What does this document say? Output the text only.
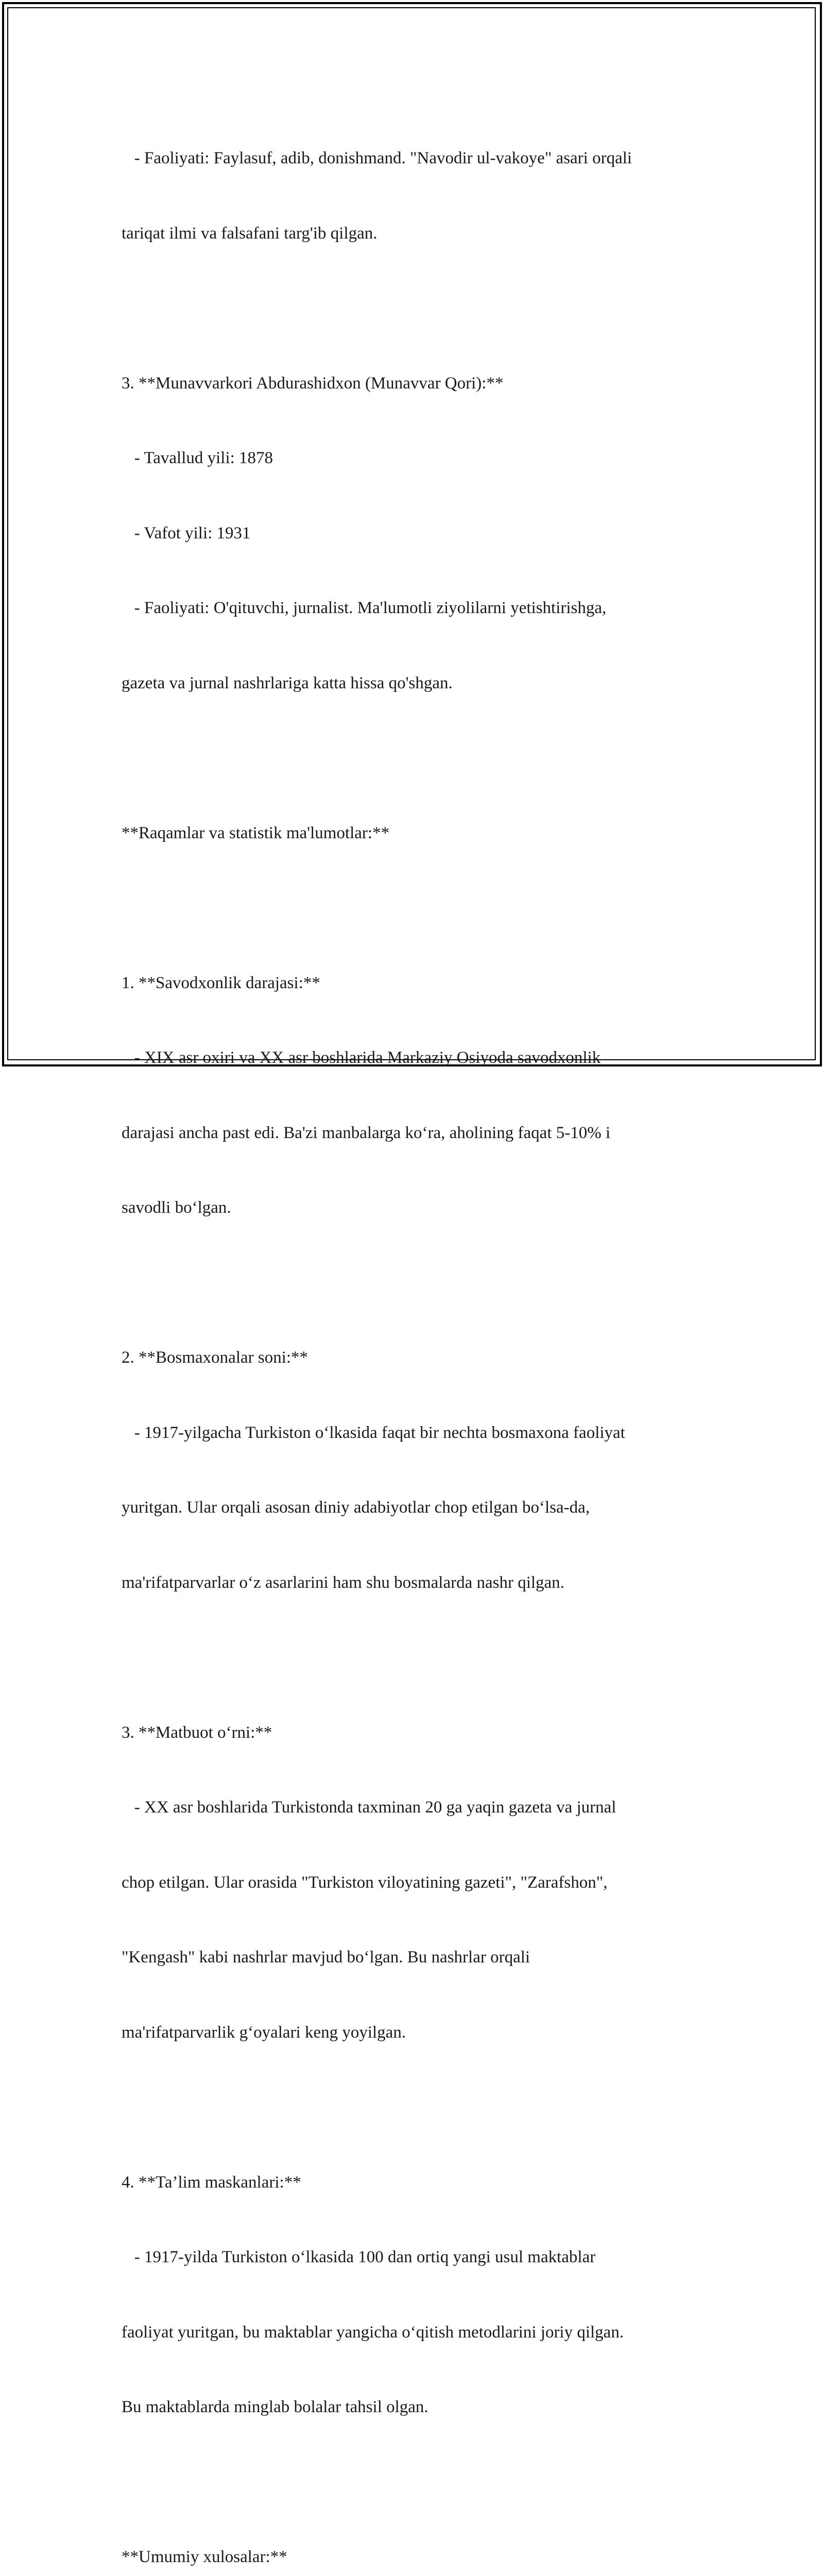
- Faoliyati: Faylasuf, adib, donishmand. "Navodir ul-vakoye" asari orqali

tariqat ilmi va falsafani targ'ib qilgan.

3. **Munavvarkori Abdurashidxon (Munavvar Qori):**

- Tavallud yili: 1878

- Vafot yili: 1931

- Faoliyati: O'qituvchi, jurnalist. Ma'lumotli ziyolilarni yetishtirishga,

gazeta va jurnal nashrlariga katta hissa qo'shgan.

**Raqamlar va statistik ma'lumotlar:**

1. **Savodxonlik darajasi:**

- XIX asr oxiri va XX asr boshlarida Markaziy Osiyoda savodxonlik

darajasi ancha past edi. Ba'zi manbalarga ko‘ra, aholining faqat 5-10% i

savodli bo‘lgan.

2. **Bosmaxonalar soni:**

- 1917-yilgacha Turkiston o‘lkasida faqat bir nechta bosmaxona faoliyat

yuritgan. Ular orqali asosan diniy adabiyotlar chop etilgan bo‘lsa-da,

ma'rifatparvarlar o‘z asarlarini ham shu bosmalarda nashr qilgan.

3. **Matbuot o‘rni:**

- XX asr boshlarida Turkistonda taxminan 20 ga yaqin gazeta va jurnal

chop etilgan. Ular orasida "Turkiston viloyatining gazeti", "Zarafshon",

"Kengash" kabi nashrlar mavjud bo‘lgan. Bu nashrlar orqali

ma'rifatparvarlik g‘oyalari keng yoyilgan.

4. **Ta’lim maskanlari:**

- 1917-yilda Turkiston o‘lkasida 100 dan ortiq yangi usul maktablar

faoliyat yuritgan, bu maktablar yangicha o‘qitish metodlarini joriy qilgan.

Bu maktablarda minglab bolalar tahsil olgan.

**Umumiy xulosalar:**
